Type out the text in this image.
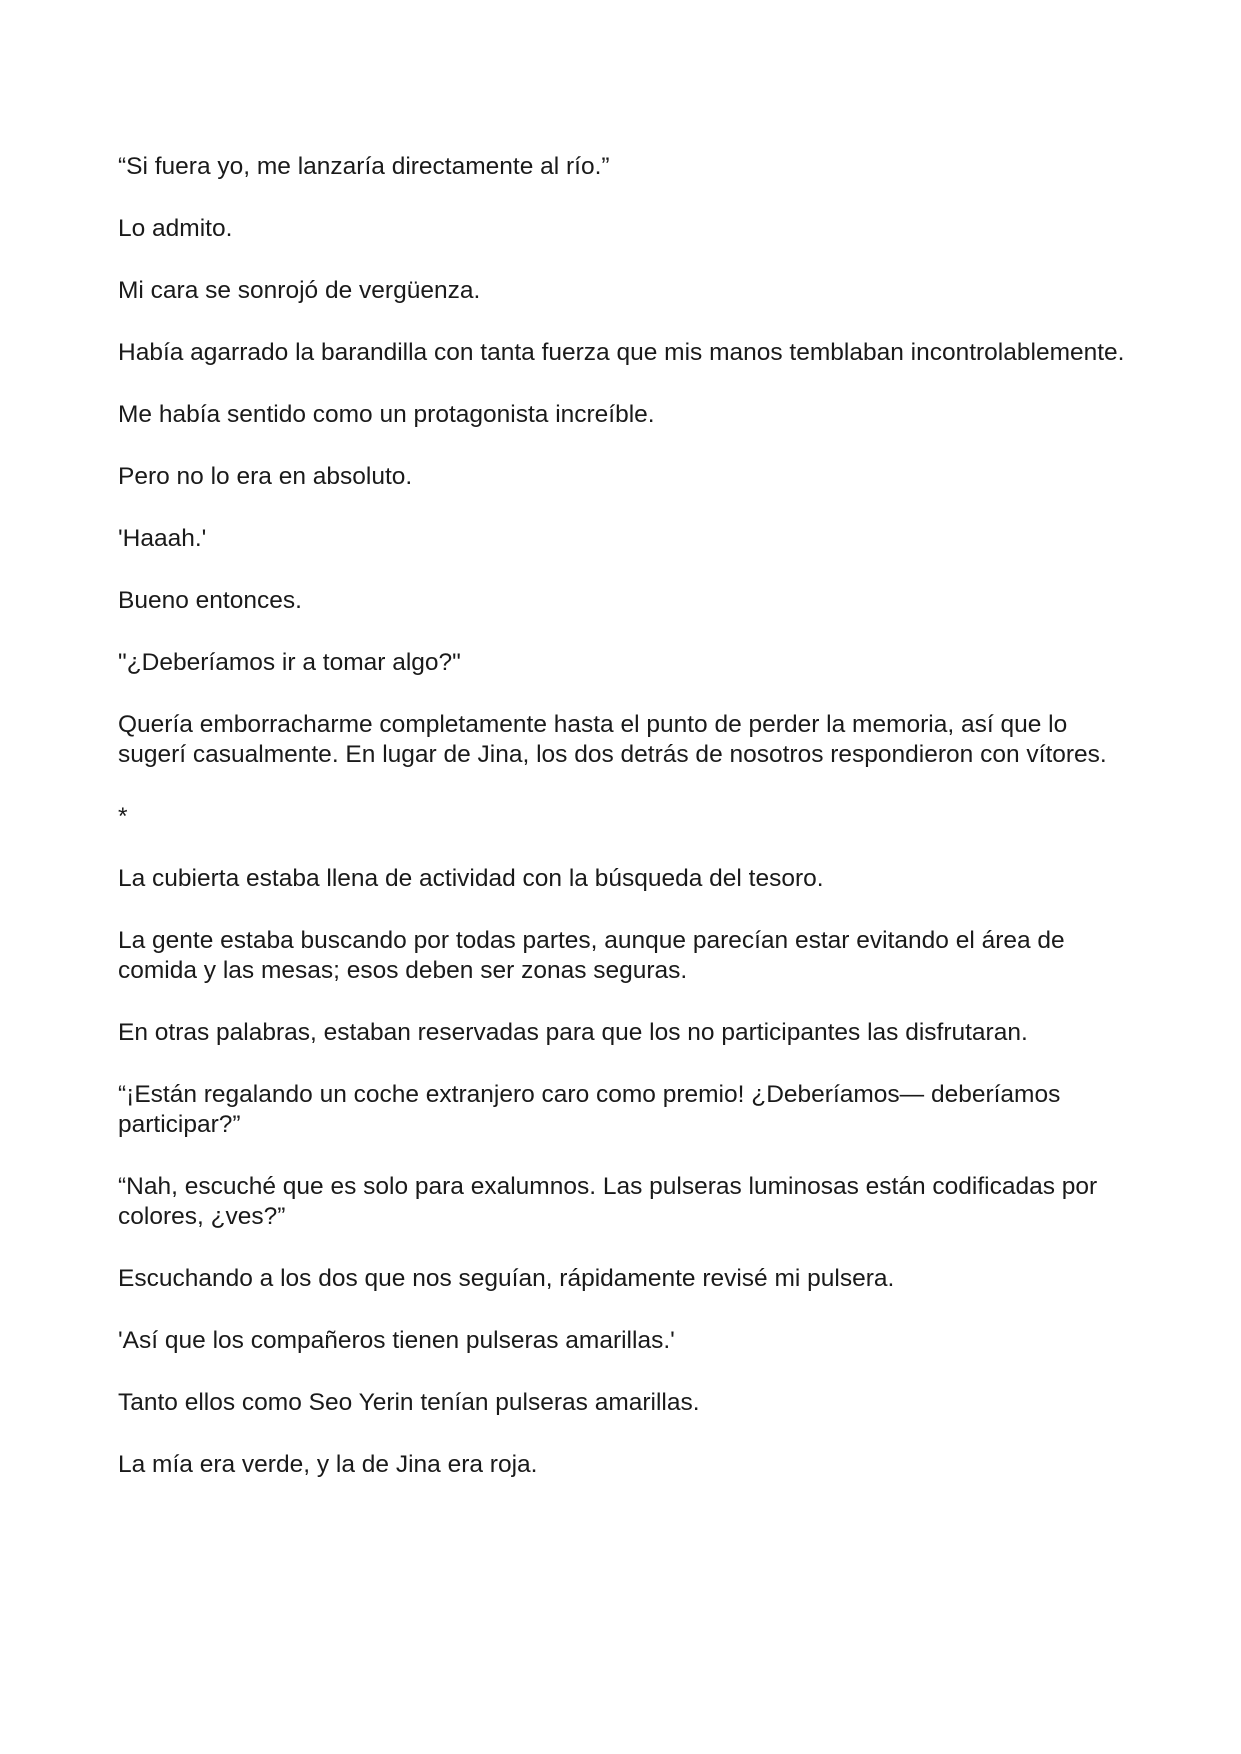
“Si fuera yo, me lanzaría directamente al río.”

Lo admito.

Mi cara se sonrojó de vergüenza.

Había agarrado la barandilla con tanta fuerza que mis manos temblaban incontrolablemente.

Me había sentido como un protagonista increíble.

Pero no lo era en absoluto.

'Haaah.'

Bueno entonces.

"¿Deberíamos ir a tomar algo?"

Quería emborracharme completamente hasta el punto de perder la memoria, así que lo sugerí casualmente. En lugar de Jina, los dos detrás de nosotros respondieron con vítores.

*

La cubierta estaba llena de actividad con la búsqueda del tesoro.

La gente estaba buscando por todas partes, aunque parecían estar evitando el área de comida y las mesas; esos deben ser zonas seguras.

En otras palabras, estaban reservadas para que los no participantes las disfrutaran.

“¡Están regalando un coche extranjero caro como premio! ¿Deberíamos— deberíamos participar?”

“Nah, escuché que es solo para exalumnos. Las pulseras luminosas están codificadas por colores, ¿ves?”

Escuchando a los dos que nos seguían, rápidamente revisé mi pulsera.

'Así que los compañeros tienen pulseras amarillas.'

Tanto ellos como Seo Yerin tenían pulseras amarillas.

La mía era verde, y la de Jina era roja.
